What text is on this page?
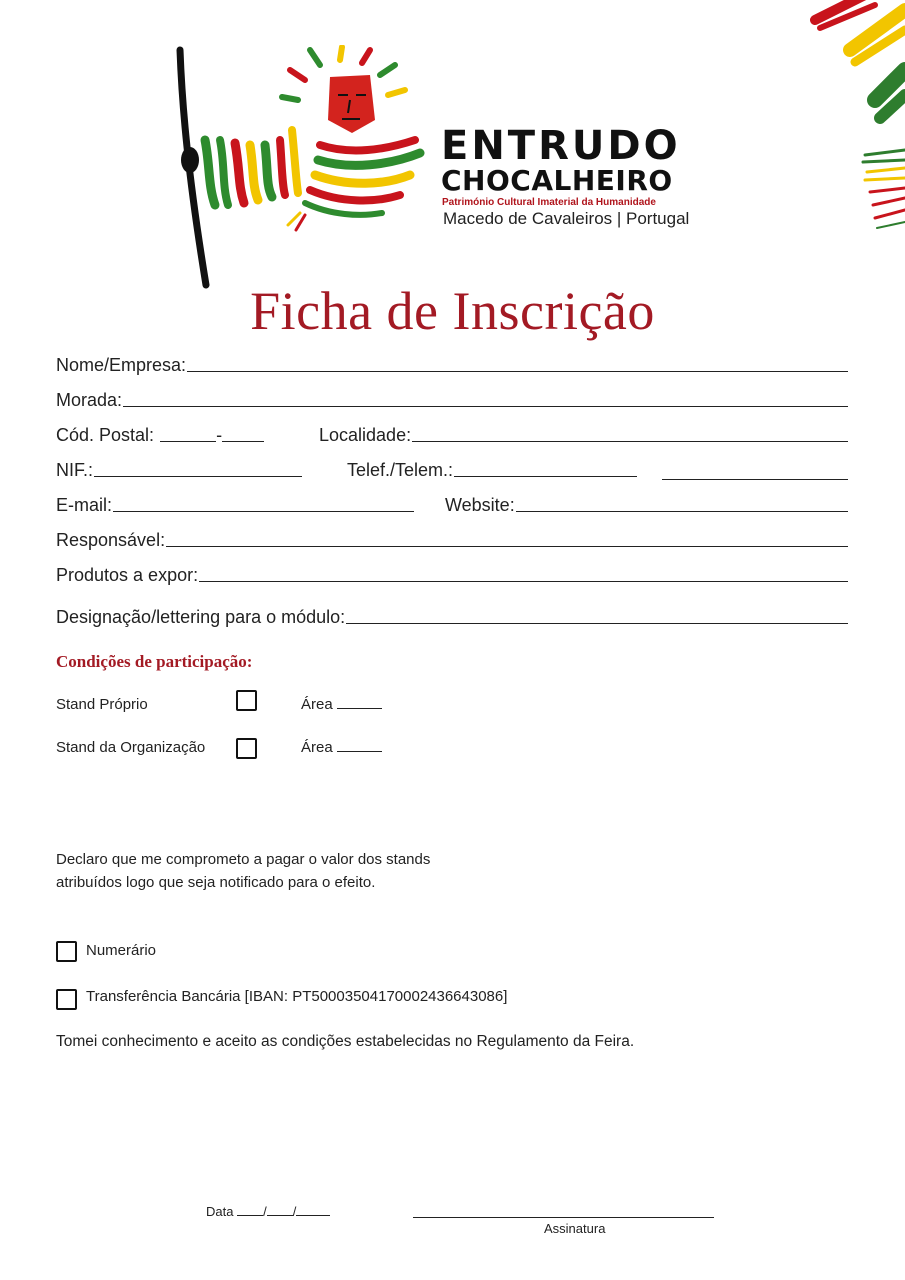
ENTRUDO
CHOCALHEIRO
Património Cultural Imaterial da Humanidade
Macedo de Cavaleiros | Portugal
Ficha de Inscrição
Nome/Empresa:
Morada:
Cód. Postal:	-	Localidade:
NIF.:	Telef./Telem.:
E-mail:	Website:
Responsável:
Produtos a expor:
Designação/lettering para o módulo:
Condições de participação:
Stand Próprio	Área
Stand da Organização	Área
Declaro que me comprometo a pagar o valor dos stands
atribuídos logo que seja notificado para o efeito.
Numerário
Transferência Bancária [IBAN: PT50003504170002436643086]
Tomei conhecimento e aceito as condições estabelecidas no Regulamento da Feira.
Data / /
Assinatura
